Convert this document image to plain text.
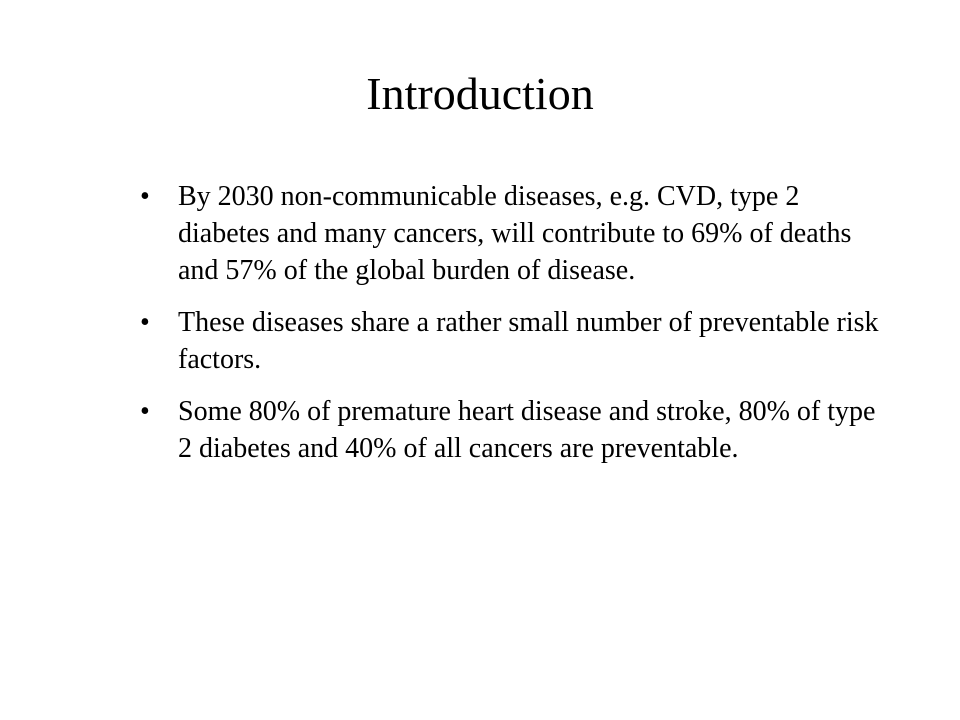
Introduction
• By 2030 non-communicable diseases, e.g. CVD, type 2 diabetes and many cancers, will contribute to 69% of deaths and 57% of the global burden of disease.
• These diseases share a rather small number of preventable risk factors.
• Some 80% of premature heart disease and stroke, 80% of type 2 diabetes and 40% of all cancers are preventable.
